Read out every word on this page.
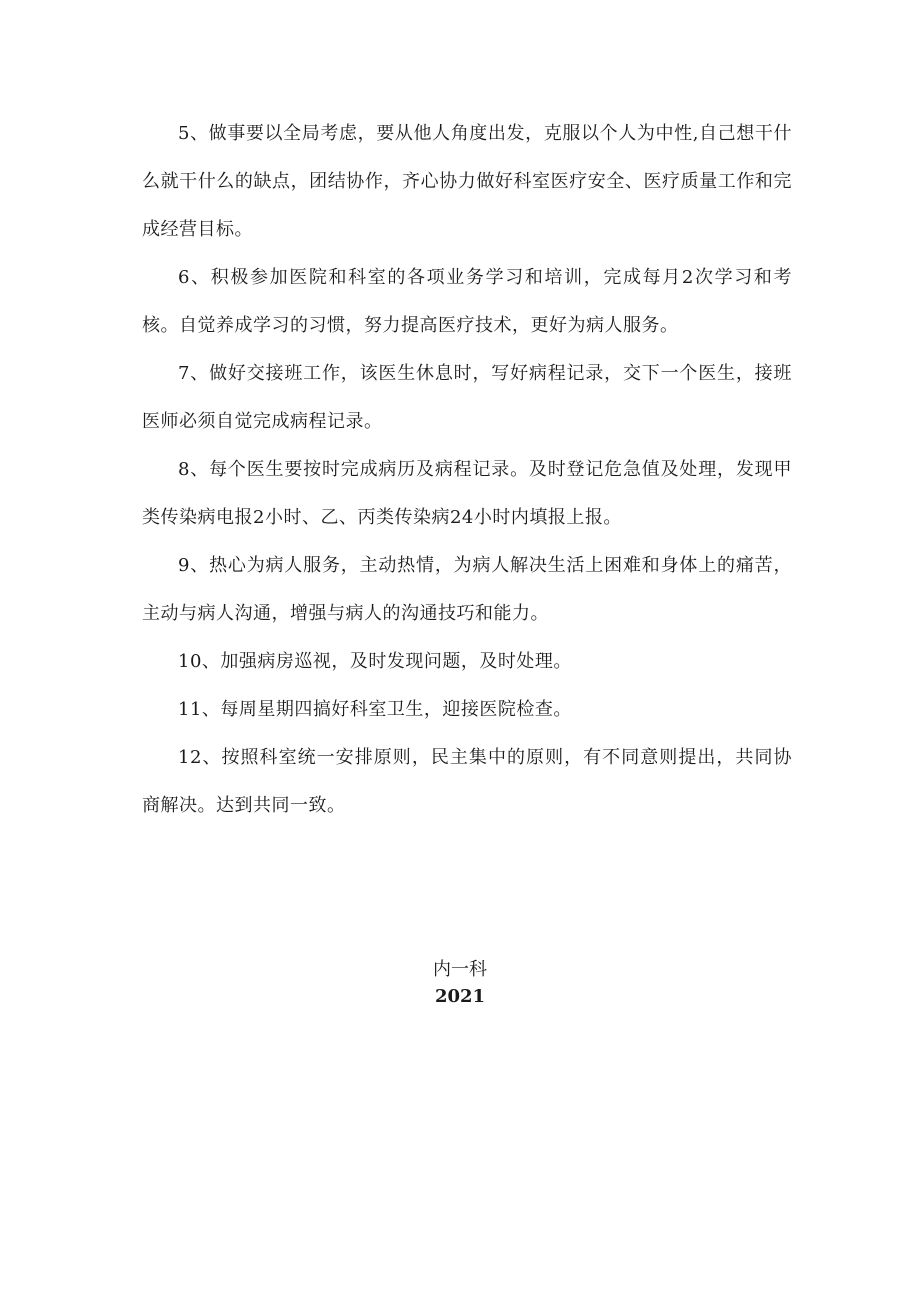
5、做事要以全局考虑，要从他人角度出发，克服以个人为中性,自己想干什么就干什么的缺点，团结协作，齐心协力做好科室医疗安全、医疗质量工作和完成经营目标。

6、积极参加医院和科室的各项业务学习和培训，完成每月2次学习和考核。自觉养成学习的习惯，努力提高医疗技术，更好为病人服务。

7、做好交接班工作，该医生休息时，写好病程记录，交下一个医生，接班医师必须自觉完成病程记录。

8、每个医生要按时完成病历及病程记录。及时登记危急值及处理，发现甲类传染病电报2小时、乙、丙类传染病24小时内填报上报。

9、热心为病人服务，主动热情，为病人解决生活上困难和身体上的痛苦，主动与病人沟通，增强与病人的沟通技巧和能力。

10、加强病房巡视，及时发现问题，及时处理。

11、每周星期四搞好科室卫生，迎接医院检查。

12、按照科室统一安排原则，民主集中的原则，有不同意则提出，共同协商解决。达到共同一致。

内一科
2021
